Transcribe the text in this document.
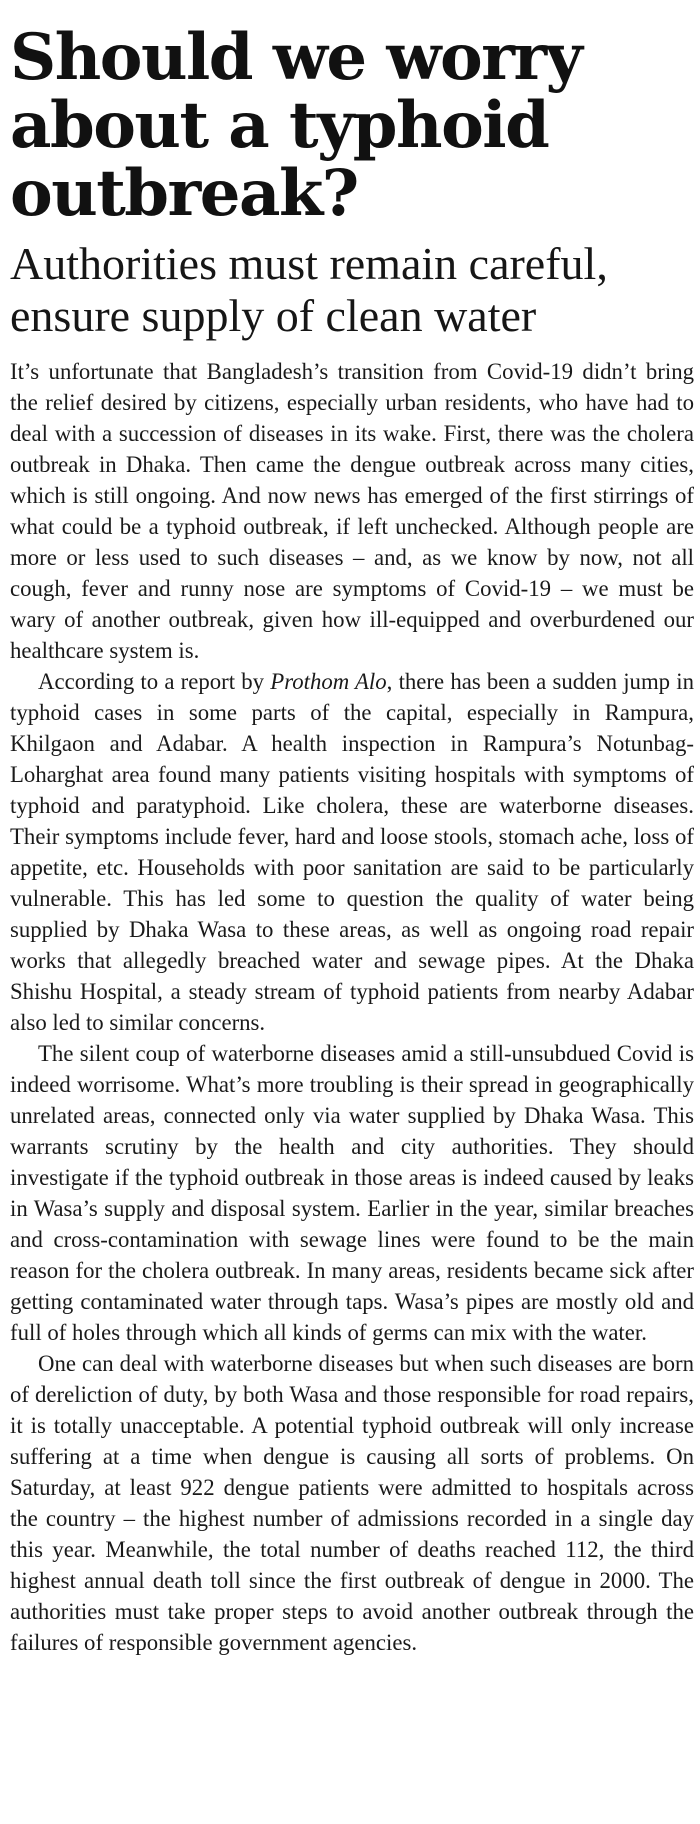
Should we worry about a typhoid outbreak?
Authorities must remain careful, ensure supply of clean water

It’s unfortunate that Bangladesh’s transition from Covid-19 didn’t bring the relief desired by citizens, especially urban residents, who have had to deal with a succession of diseases in its wake. First, there was the cholera outbreak in Dhaka. Then came the dengue outbreak across many cities, which is still ongoing. And now news has emerged of the first stirrings of what could be a typhoid outbreak, if left unchecked. Although people are more or less used to such diseases – and, as we know by now, not all cough, fever and runny nose are symptoms of Covid-19 – we must be wary of another outbreak, given how ill-equipped and overburdened our healthcare system is.

According to a report by Prothom Alo, there has been a sudden jump in typhoid cases in some parts of the capital, especially in Rampura, Khilgaon and Adabar. A health inspection in Rampura’s Notunbag-Loharghat area found many patients visiting hospitals with symptoms of typhoid and paratyphoid. Like cholera, these are waterborne diseases. Their symptoms include fever, hard and loose stools, stomach ache, loss of appetite, etc. Households with poor sanitation are said to be particularly vulnerable. This has led some to question the quality of water being supplied by Dhaka Wasa to these areas, as well as ongoing road repair works that allegedly breached water and sewage pipes. At the Dhaka Shishu Hospital, a steady stream of typhoid patients from nearby Adabar also led to similar concerns.

The silent coup of waterborne diseases amid a still-unsubdued Covid is indeed worrisome. What’s more troubling is their spread in geographically unrelated areas, connected only via water supplied by Dhaka Wasa. This warrants scrutiny by the health and city authorities. They should investigate if the typhoid outbreak in those areas is indeed caused by leaks in Wasa’s supply and disposal system. Earlier in the year, similar breaches and cross-contamination with sewage lines were found to be the main reason for the cholera outbreak. In many areas, residents became sick after getting contaminated water through taps. Wasa’s pipes are mostly old and full of holes through which all kinds of germs can mix with the water.

One can deal with waterborne diseases but when such diseases are born of dereliction of duty, by both Wasa and those responsible for road repairs, it is totally unacceptable. A potential typhoid outbreak will only increase suffering at a time when dengue is causing all sorts of problems. On Saturday, at least 922 dengue patients were admitted to hospitals across the country – the highest number of admissions recorded in a single day this year. Meanwhile, the total number of deaths reached 112, the third highest annual death toll since the first outbreak of dengue in 2000. The authorities must take proper steps to avoid another outbreak through the failures of responsible government agencies.
